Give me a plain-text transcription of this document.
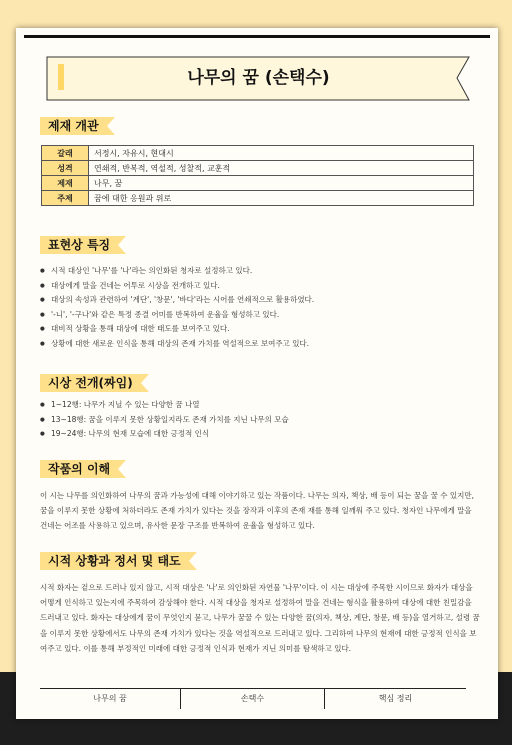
나무의 꿈 (손택수)
제재 개관
갈래	서정시, 자유시, 현대시
성격	연쇄적, 반복적, 역설적, 성찰적, 교훈적
제재	나무, 꿈
주제	꿈에 대한 응원과 위로
표현상 특징
● 시적 대상인 '나무'를 '나'라는 의인화된 청자로 설정하고 있다.
● 대상에게 말을 건네는 어투로 시상을 전개하고 있다.
● 대상의 속성과 관련하여 '계단', '창문', '바다'라는 시어를 연쇄적으로 활용하였다.
● '-니', '-구나'와 같은 특정 종결 어미를 반복하여 운율을 형성하고 있다.
● 대비적 상황을 통해 대상에 대한 태도를 보여주고 있다.
● 상황에 대한 새로운 인식을 통해 대상의 존재 가치를 역설적으로 보여주고 있다.
시상 전개(짜임)
● 1~12행: 나무가 지닐 수 있는 다양한 꿈 나열
● 13~18행: 꿈을 이루지 못한 상황일지라도 존재 가치를 지닌 나무의 모습
● 19~24행: 나무의 현재 모습에 대한 긍정적 인식
작품의 이해

이 시는 나무를 의인화하여 나무의 꿈과 가능성에 대해 이야기하고 있는 작품이다. 나무는 의자, 책상, 배 등이 되는 꿈을 꿀 수 있지만, 꿈을 이루지 못한 상황에 처하더라도 존재 가치가 있다는 것을 장작과 이후의 존재 재를 통해 일깨워 주고 있다. 청자인 나무에게 말을 건네는 어조를 사용하고 있으며, 유사한 문장 구조를 반복하여 운율을 형성하고 있다.

시적 상황과 정서 및 태도

시적 화자는 겉으로 드러나 있지 않고, 시적 대상은 '나'로 의인화된 자연물 '나무'이다. 이 시는 대상에 주목한 시이므로 화자가 대상을 어떻게 인식하고 있는지에 주목하여 감상해야 한다. 시적 대상을 청자로 설정하여 말을 건네는 형식을 활용하여 대상에 대한 친밀감을 드러내고 있다. 화자는 대상에게 꿈이 무엇인지 묻고, 나무가 꿈꿀 수 있는 다양한 꿈(의자, 책상, 계단, 창문, 배 등)을 열거하고, 설령 꿈을 이루지 못한 상황에서도 나무의 존재 가치가 있다는 것을 역설적으로 드러내고 있다. 그리하여 나무의 현재에 대한 긍정적 인식을 보여주고 있다. 이를 통해 부정적인 미래에 대한 긍정적 인식과 현재가 지닌 의미를 탐색하고 있다.

나무의 꿈	손택수	핵심 정리
